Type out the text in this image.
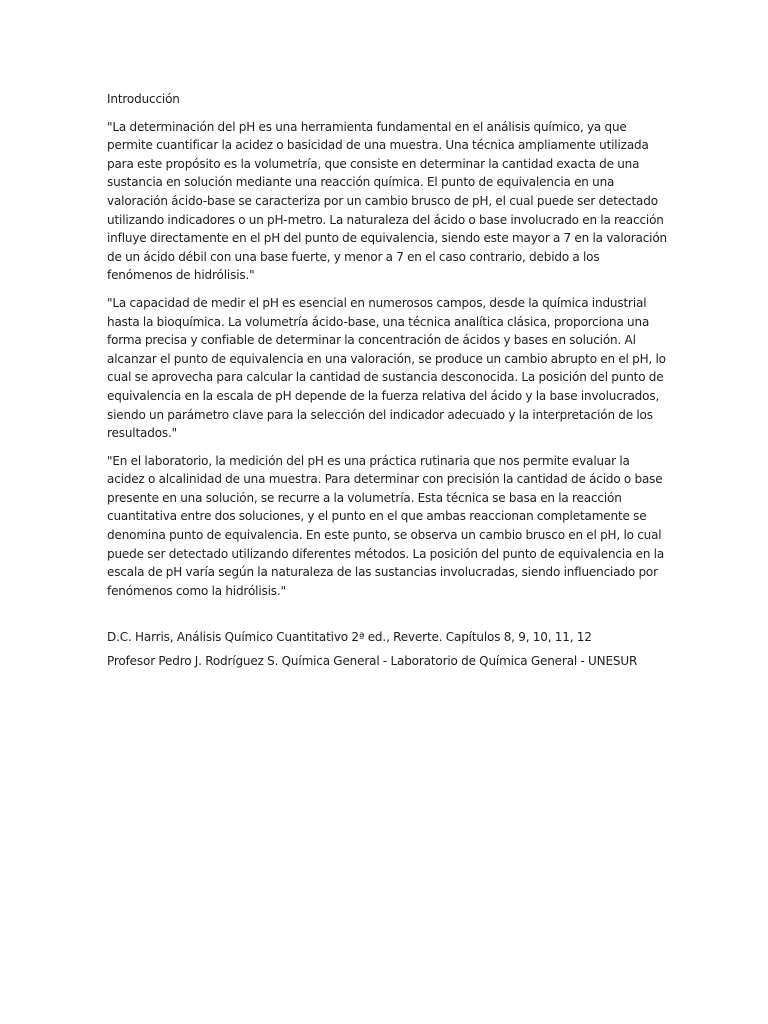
Introducción

"La determinación del pH es una herramienta fundamental en el análisis químico, ya que permite cuantificar la acidez o basicidad de una muestra. Una técnica ampliamente utilizada para este propósito es la volumetría, que consiste en determinar la cantidad exacta de una sustancia en solución mediante una reacción química. El punto de equivalencia en una valoración ácido-base se caracteriza por un cambio brusco de pH, el cual puede ser detectado utilizando indicadores o un pH-metro. La naturaleza del ácido o base involucrado en la reacción influye directamente en el pH del punto de equivalencia, siendo este mayor a 7 en la valoración de un ácido débil con una base fuerte, y menor a 7 en el caso contrario, debido a los fenómenos de hidrólisis."

"La capacidad de medir el pH es esencial en numerosos campos, desde la química industrial hasta la bioquímica. La volumetría ácido-base, una técnica analítica clásica, proporciona una forma precisa y confiable de determinar la concentración de ácidos y bases en solución. Al alcanzar el punto de equivalencia en una valoración, se produce un cambio abrupto en el pH, lo cual se aprovecha para calcular la cantidad de sustancia desconocida. La posición del punto de equivalencia en la escala de pH depende de la fuerza relativa del ácido y la base involucrados, siendo un parámetro clave para la selección del indicador adecuado y la interpretación de los resultados."

"En el laboratorio, la medición del pH es una práctica rutinaria que nos permite evaluar la acidez o alcalinidad de una muestra. Para determinar con precisión la cantidad de ácido o base presente en una solución, se recurre a la volumetría. Esta técnica se basa en la reacción cuantitativa entre dos soluciones, y el punto en el que ambas reaccionan completamente se denomina punto de equivalencia. En este punto, se observa un cambio brusco en el pH, lo cual puede ser detectado utilizando diferentes métodos. La posición del punto de equivalencia en la escala de pH varía según la naturaleza de las sustancias involucradas, siendo influenciado por fenómenos como la hidrólisis."

D.C. Harris, Análisis Químico Cuantitativo 2ª ed., Reverte. Capítulos 8, 9, 10, 11, 12

Profesor Pedro J. Rodríguez S. Química General - Laboratorio de Química General - UNESUR
